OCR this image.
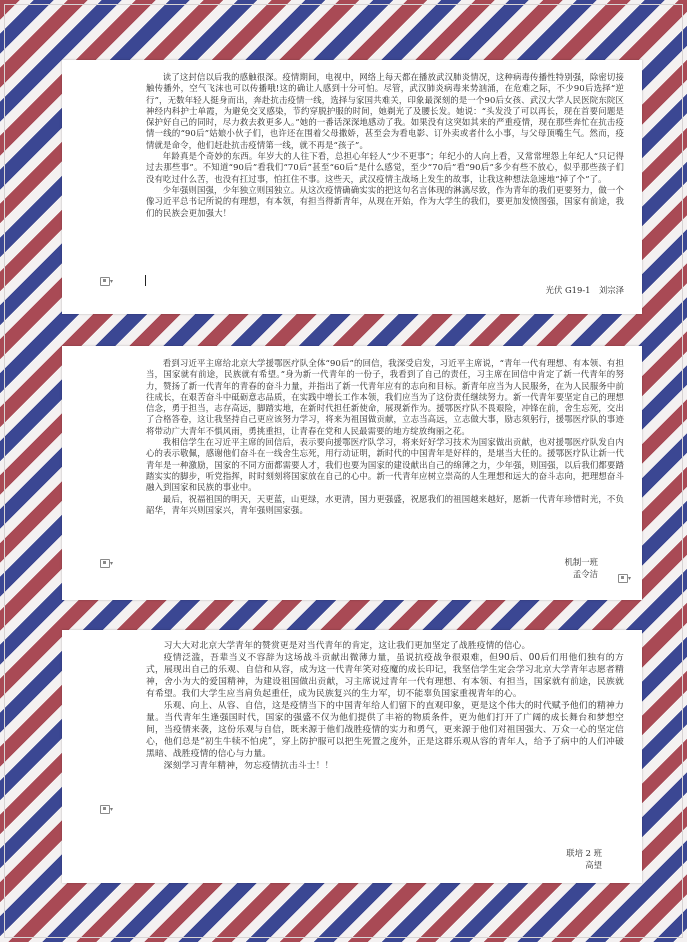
读了这封信以后我的感触很深。疫情期间，电视中，网络上每天都在播放武汉肺炎情况，这种病毒传播性特别强，除密切接触传播外，空气飞沫也可以传播哦!这的确让人感到十分可怕。尽管，武汉肺炎病毒来势汹涌，在危难之际，不少90后选择“逆行”，无数年轻人挺身而出，奔赴抗击疫情一线，选择与家国共难关，印象最深刻的是一个90后女孩、武汉大学人民医院东院区神经内科护士单霞，为避免交叉感染，节约穿脱护服的时间，她剃光了及腰长发。她说：“头发没了可以再长，现在首要问题是保护好自己的同时，尽力救去救更多人。”她的一番话深深地感动了我。如果没有这突如其来的严重疫情，现在那些奔忙在抗击疫情一线的“90后”姑娘小伙子们，也许还在围着父母撒娇，甚至会为看电影、订外卖或者什么小事，与父母顶嘴生气。然而，疫情就是命令，他们赶赴抗击疫情第一线，就不再是“孩子”。

年龄真是个奇妙的东西。年岁大的人往下看，总担心年轻人“少不更事”；年纪小的人向上看，又常常埋怨上年纪人“只记得过去那些事”。不知道“90后”看我们“70后”甚至“60后”是什么感觉，至少“70后”看“90后”多少有些不放心，似乎那些孩子们没有吃过什么苦，也没有扛过事，怕扛住不事。这些天，武汉疫情主战场上发生的故事，让我这种想法急速地“掉了个”了。

少年强则国强，少年独立则国独立。从这次疫情确确实实的把这句名言体现的淋漓尽致，作为青年的我们更要努力，做一个像习近平总书记所说的有理想，有本领，有担当得新青年，从现在开始，作为大学生的我们，要更加发愤图强，国家有前途，我们的民族会更加强大！

▾
光伏 G19-1　刘宗泽

看到习近平主席给北京大学援鄂医疗队全体“90后”的回信，我深受启发，习近平主席说，“青年一代有理想、有本领、有担当，国家就有前途，民族就有希望。”身为新一代青年的一份子，我看到了自己的责任，习主席在回信中肯定了新一代青年的努力，赞扬了新一代青年的青春的奋斗力量，并指出了新一代青年应有的志向和目标。新青年应当为人民服务，在为人民服务中前往成长，在艰苦奋斗中砥砺意志品质，在实践中增长工作本领，我们应当为了这份责任继续努力。新一代青年要坚定自己的理想信念，勇于担当，志存高远，脚踏实地，在新时代担任新使命，展现新作为。援鄂医疗队不畏艰险，冲锋在前，舍生忘死，交出了合格答卷，这让我坚持自己更应该努力学习，将来为祖国做贡献，立志当高远，立志做大事，励志须躬行，援鄂医疗队的事迹将带动广大青年不惧风雨，勇挑重担，让青春在党和人民最需要的地方绽放绚丽之花。

我相信学生在习近平主席的回信后，表示要向援鄂医疗队学习，将来好好学习技术为国家做出贡献，也对援鄂医疗队发自内心的表示敬佩，感谢他们奋斗在一线舍生忘死，用行动证明，新时代的中国青年是好样的，是堪当大任的。援鄂医疗队让新一代青年是一种激励，国家的不同方面都需要人才，我们也要为国家的建设献出自己的绵薄之力，少年强，则国强，以后我们都要踏踏实实的脚步，听党指挥，时时刻刻将国家放在自己的心中。新一代青年应树立崇高的人生理想和远大的奋斗志向，把理想奋斗融入到国家和民族的事业中。

最后，祝福祖国的明天，天更蓝，山更绿，水更清，国力更强盛，祝愿我们的祖国越来越好，愿新一代青年珍惜时光，不负韶华，青年兴则国家兴，青年强则国家强。

▾
▾
机制一班
孟令洁

习大大对北京大学青年的赞赏更是对当代青年的肯定，这让我们更加坚定了战胜疫情的信心。

疫情泛滥，吾辈当义不容辞为这场战斗贡献出微薄力量，虽说抗疫战争很艰难，但90后、00后们用他们独有的方式，展现出自己的乐观、自信和从容，成为这一代青年笑对疫魔的成长印记，我坚信学生定会学习北京大学青年志愿者精神，舍小为大的爱国精神，为建设祖国做出贡献，习主席说过青年一代有理想、有本领、有担当，国家就有前途，民族就有希望。我们大学生应当肩负起重任，成为民族复兴的生力军，切不能辜负国家重视青年的心。

乐观、向上、从容、自信，这是疫情当下的中国青年给人们留下的直观印象，更是这个伟大的时代赋予他们的精神力量。当代青年生逢强国时代，国家的强盛不仅为他们提供了丰裕的物质条件，更为他们打开了广阔的成长舞台和梦想空间，当疫情来袭，这份乐观与自信，既来源于他们战胜疫情的实力和勇气，更来源于他们对祖国强大、万众一心的坚定信心，他们总是“初生牛犊不怕虎”，穿上防护服可以把生死置之度外，正是这群乐观从容的青年人，给予了病中的人们冲破黑暗、战胜疫情的信心与力量。

深刻学习青年精神，勿忘疫情抗击斗士！！

▾
联培 2 班
高望
